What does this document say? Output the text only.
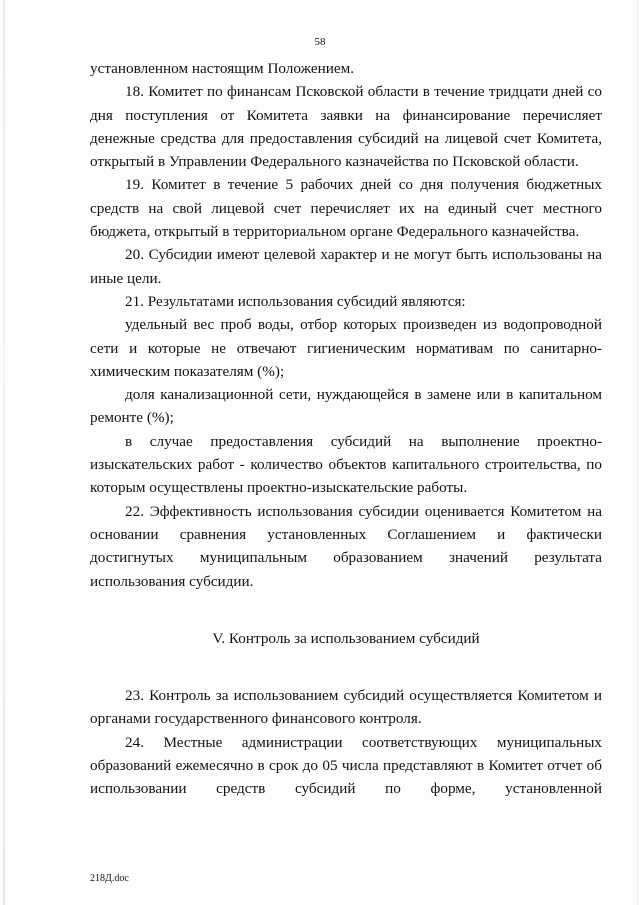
58

установленном настоящим Положением.

18. Комитет по финансам Псковской области в течение тридцати дней со дня поступления от Комитета заявки на финансирование перечисляет денежные средства для предоставления субсидий на лицевой счет Комитета, открытый в Управлении Федерального казначейства по Псковской области.

19. Комитет в течение 5 рабочих дней со дня получения бюджетных средств на свой лицевой счет перечисляет их на единый счет местного бюджета, открытый в территориальном органе Федерального казначейства.

20. Субсидии имеют целевой характер и не могут быть использованы на иные цели.

21. Результатами использования субсидий являются:

удельный вес проб воды, отбор которых произведен из водопроводной сети и которые не отвечают гигиеническим нормативам по санитарно-химическим показателям (%);

доля канализационной сети, нуждающейся в замене или в капитальном ремонте (%);

в случае предоставления субсидий на выполнение проектно-изыскательских работ - количество объектов капитального строительства, по которым осуществлены проектно-изыскательские работы.

22. Эффективность использования субсидии оценивается Комитетом на основании сравнения установленных Соглашением и фактически достигнутых муниципальным образованием значений результата использования субсидии.

V. Контроль за использованием субсидий

23. Контроль за использованием субсидий осуществляется Комитетом и органами государственного финансового контроля.

24. Местные администрации соответствующих муниципальных образований ежемесячно в срок до 05 числа представляют в Комитет отчет об использовании средств субсидий по форме, установленной

218Д.doc
